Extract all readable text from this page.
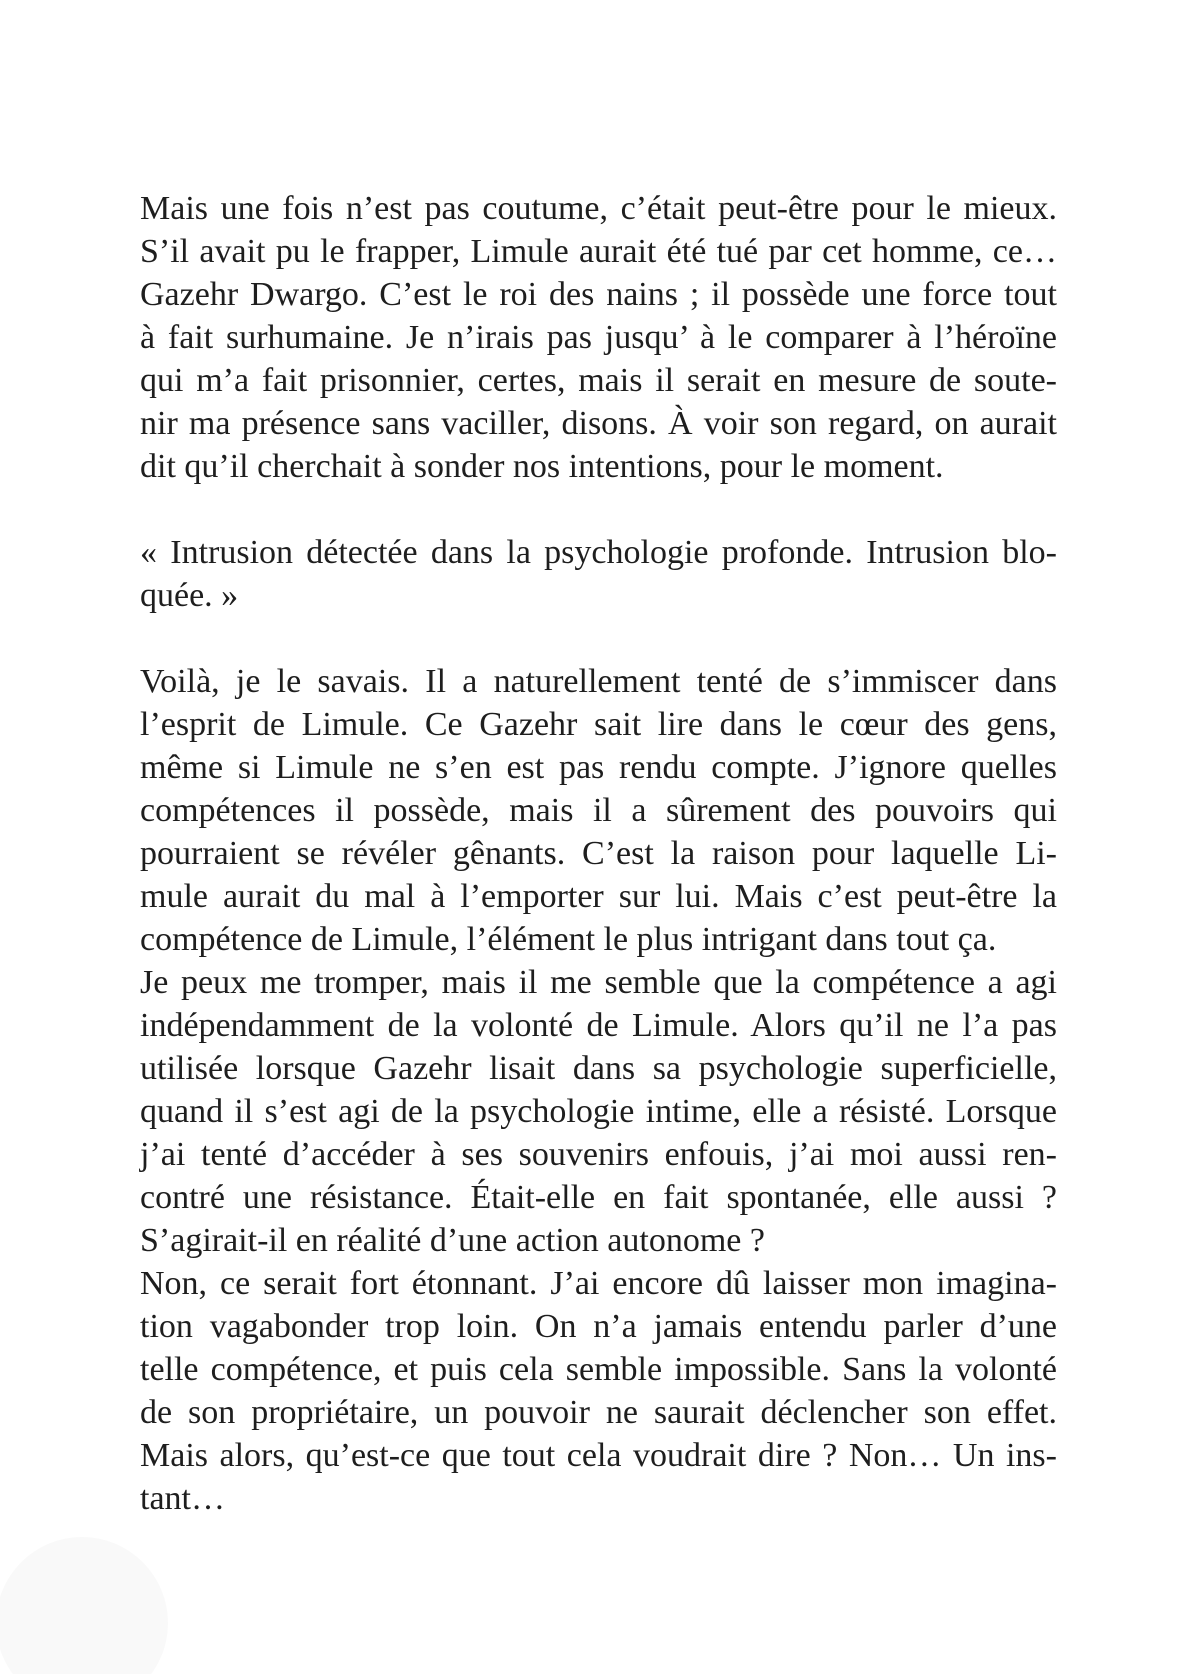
Mais une fois n’est pas coutume, c’était peut-être pour le mieux.
S’il avait pu le frapper, Limule aurait été tué par cet homme, ce…
Gazehr Dwargo. C’est le roi des nains ; il possède une force tout
à fait surhumaine. Je n’irais pas jusqu’ à le comparer à l’héroïne
qui m’a fait prisonnier, certes, mais il serait en mesure de soute-
nir ma présence sans vaciller, disons. À voir son regard, on aurait
dit qu’il cherchait à sonder nos intentions, pour le moment.
« Intrusion détectée dans la psychologie profonde. Intrusion blo-
quée. »
Voilà, je le savais. Il a naturellement tenté de s’immiscer dans
l’esprit de Limule. Ce Gazehr sait lire dans le cœur des gens,
même si Limule ne s’en est pas rendu compte. J’ignore quelles
compétences il possède, mais il a sûrement des pouvoirs qui
pourraient se révéler gênants. C’est la raison pour laquelle Li-
mule aurait du mal à l’emporter sur lui. Mais c’est peut-être la
compétence de Limule, l’élément le plus intrigant dans tout ça.
Je peux me tromper, mais il me semble que la compétence a agi
indépendamment de la volonté de Limule. Alors qu’il ne l’a pas
utilisée lorsque Gazehr lisait dans sa psychologie superficielle,
quand il s’est agi de la psychologie intime, elle a résisté. Lorsque
j’ai tenté d’accéder à ses souvenirs enfouis, j’ai moi aussi ren-
contré une résistance. Était-elle en fait spontanée, elle aussi ?
S’agirait-il en réalité d’une action autonome ?
Non, ce serait fort étonnant. J’ai encore dû laisser mon imagina-
tion vagabonder trop loin. On n’a jamais entendu parler d’une
telle compétence, et puis cela semble impossible. Sans la volonté
de son propriétaire, un pouvoir ne saurait déclencher son effet.
Mais alors, qu’est-ce que tout cela voudrait dire ? Non… Un ins-
tant…
